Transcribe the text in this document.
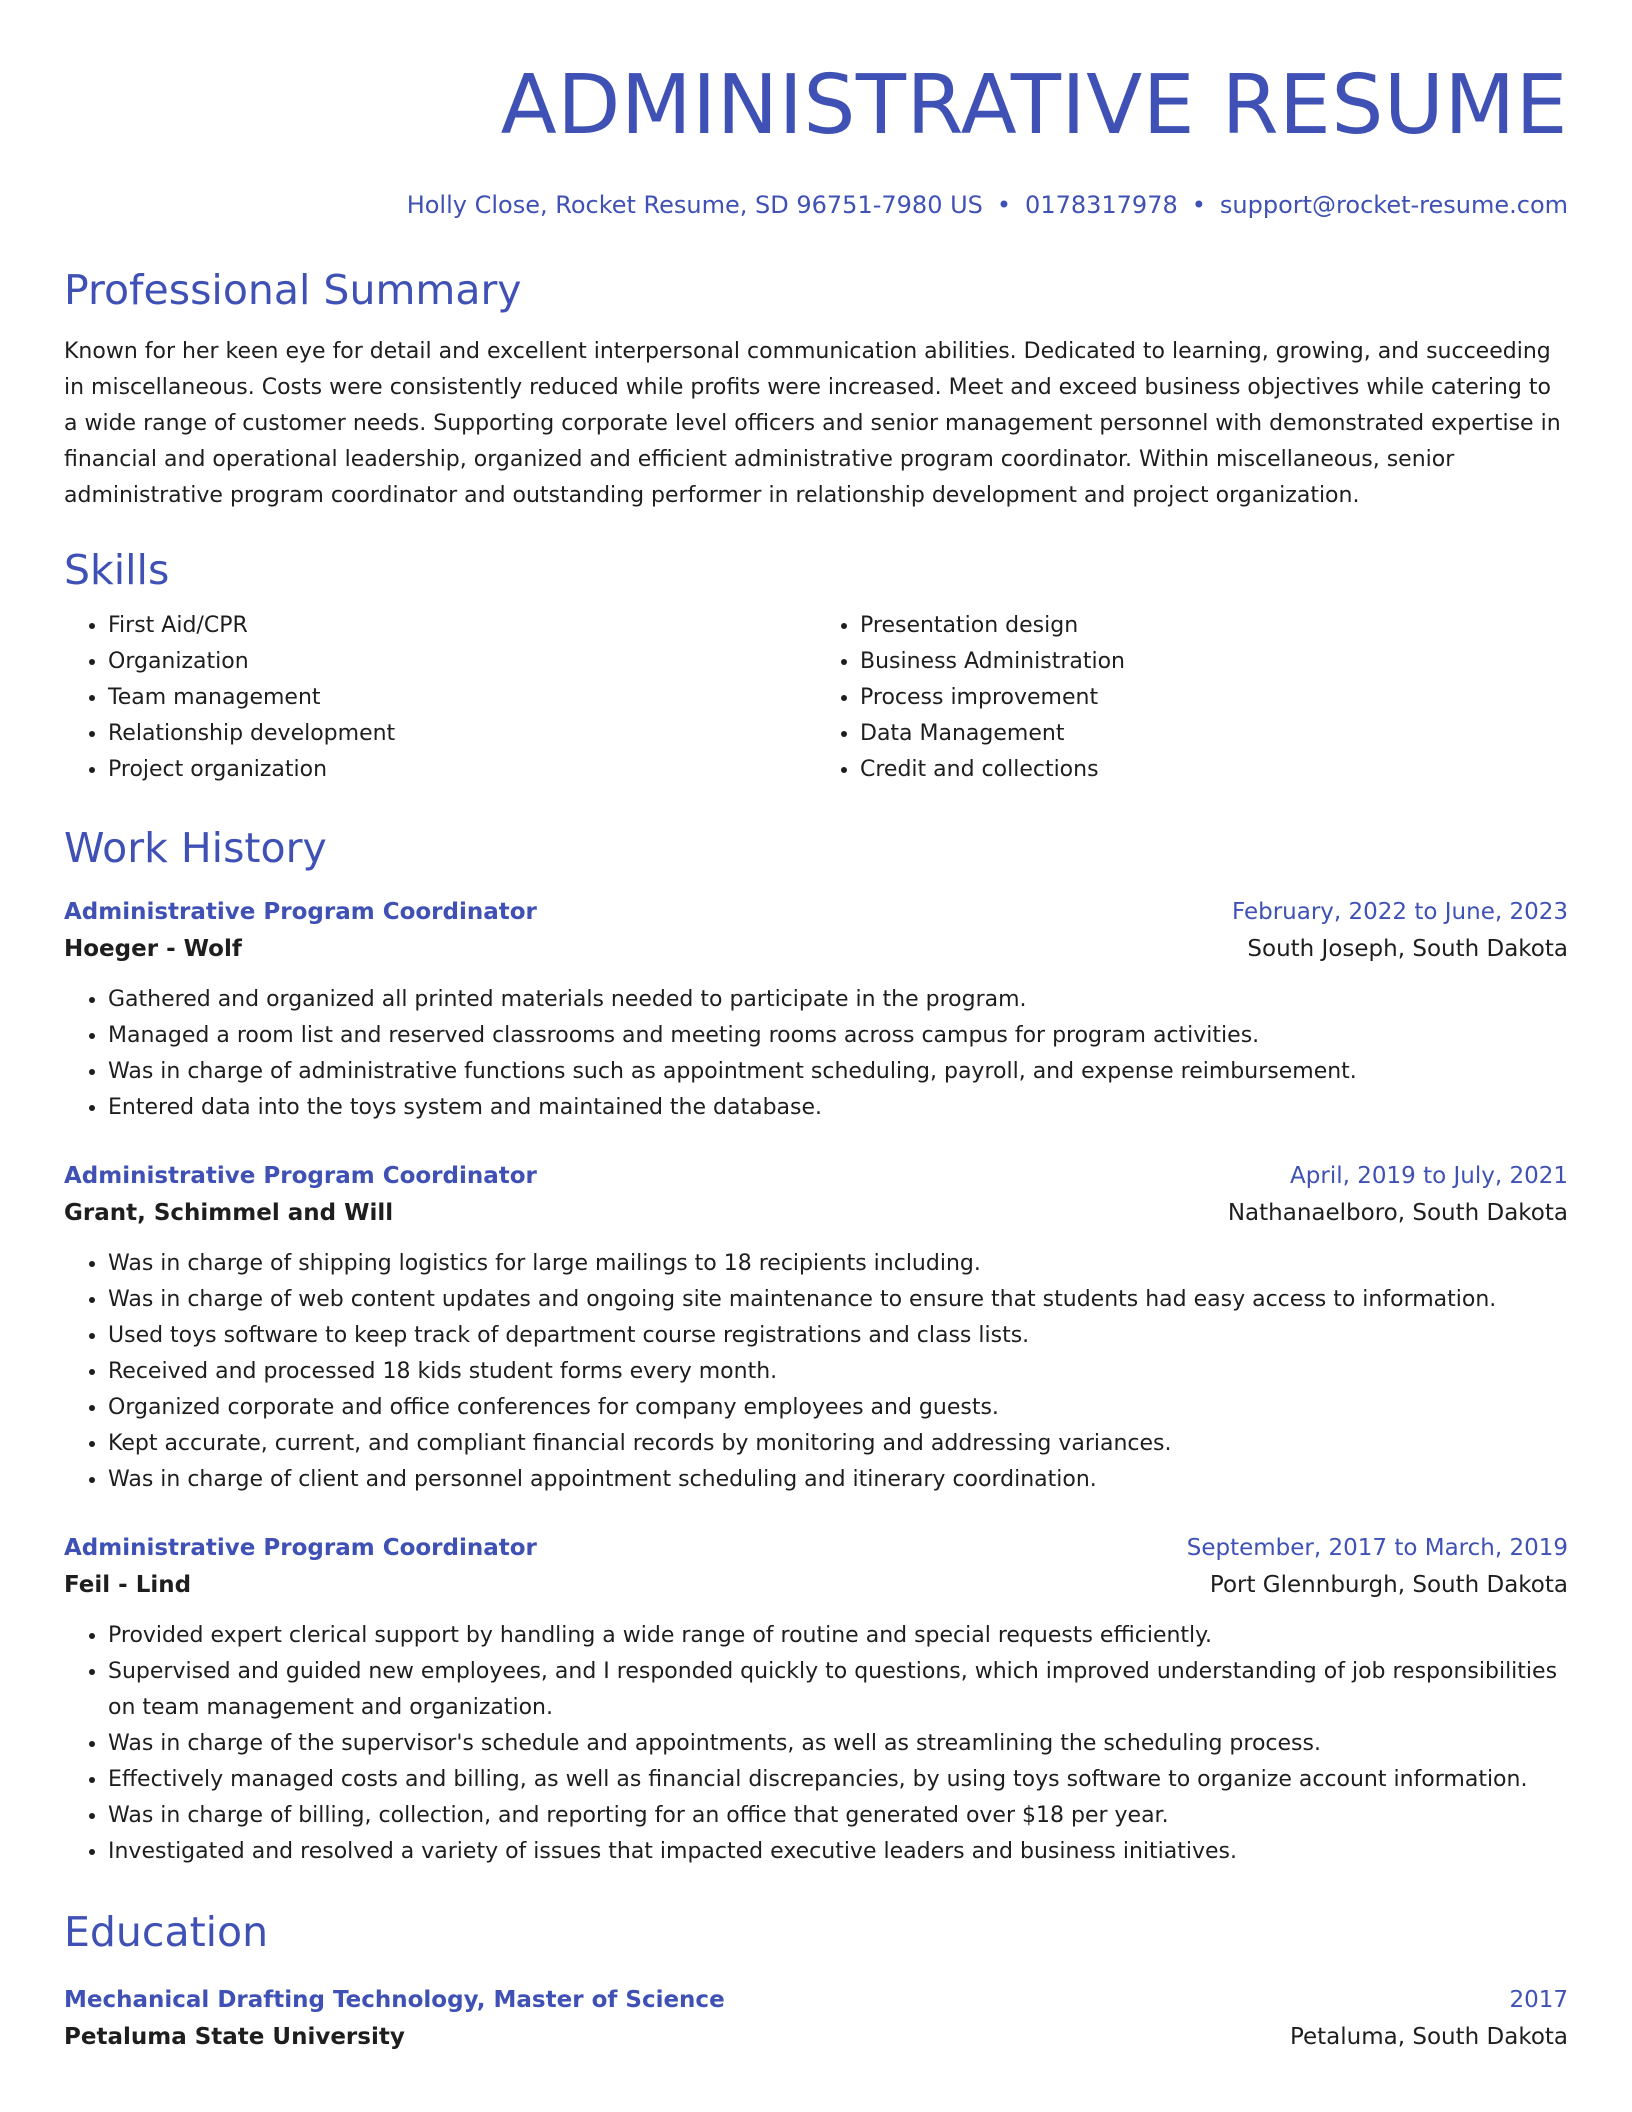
ADMINISTRATIVE RESUME
Holly Close, Rocket Resume, SD 96751-7980 US • 0178317978 • support@rocket-resume.com
Professional Summary

Known for her keen eye for detail and excellent interpersonal communication abilities. Dedicated to learning, growing, and succeeding in miscellaneous. Costs were consistently reduced while profits were increased. Meet and exceed business objectives while catering to a wide range of customer needs. Supporting corporate level officers and senior management personnel with demonstrated expertise in financial and operational leadership, organized and efficient administrative program coordinator. Within miscellaneous, senior administrative program coordinator and outstanding performer in relationship development and project organization.

Skills
• First Aid/CPR
• Organization
• Team management
• Relationship development
• Project organization
• Presentation design
• Business Administration
• Process improvement
• Data Management
• Credit and collections
Work History
Administrative Program Coordinator	February, 2022 to June, 2023
Hoeger - Wolf	South Joseph, South Dakota
• Gathered and organized all printed materials needed to participate in the program.
• Managed a room list and reserved classrooms and meeting rooms across campus for program activities.
• Was in charge of administrative functions such as appointment scheduling, payroll, and expense reimbursement.
• Entered data into the toys system and maintained the database.
Administrative Program Coordinator	April, 2019 to July, 2021
Grant, Schimmel and Will	Nathanaelboro, South Dakota
• Was in charge of shipping logistics for large mailings to 18 recipients including.
• Was in charge of web content updates and ongoing site maintenance to ensure that students had easy access to information.
• Used toys software to keep track of department course registrations and class lists.
• Received and processed 18 kids student forms every month.
• Organized corporate and office conferences for company employees and guests.
• Kept accurate, current, and compliant financial records by monitoring and addressing variances.
• Was in charge of client and personnel appointment scheduling and itinerary coordination.
Administrative Program Coordinator	September, 2017 to March, 2019
Feil - Lind	Port Glennburgh, South Dakota
• Provided expert clerical support by handling a wide range of routine and special requests efficiently.
• Supervised and guided new employees, and I responded quickly to questions, which improved understanding of job responsibilities on team management and organization.
• Was in charge of the supervisor's schedule and appointments, as well as streamlining the scheduling process.
• Effectively managed costs and billing, as well as financial discrepancies, by using toys software to organize account information.
• Was in charge of billing, collection, and reporting for an office that generated over $18 per year.
• Investigated and resolved a variety of issues that impacted executive leaders and business initiatives.
Education
Mechanical Drafting Technology, Master of Science	2017
Petaluma State University	Petaluma, South Dakota
